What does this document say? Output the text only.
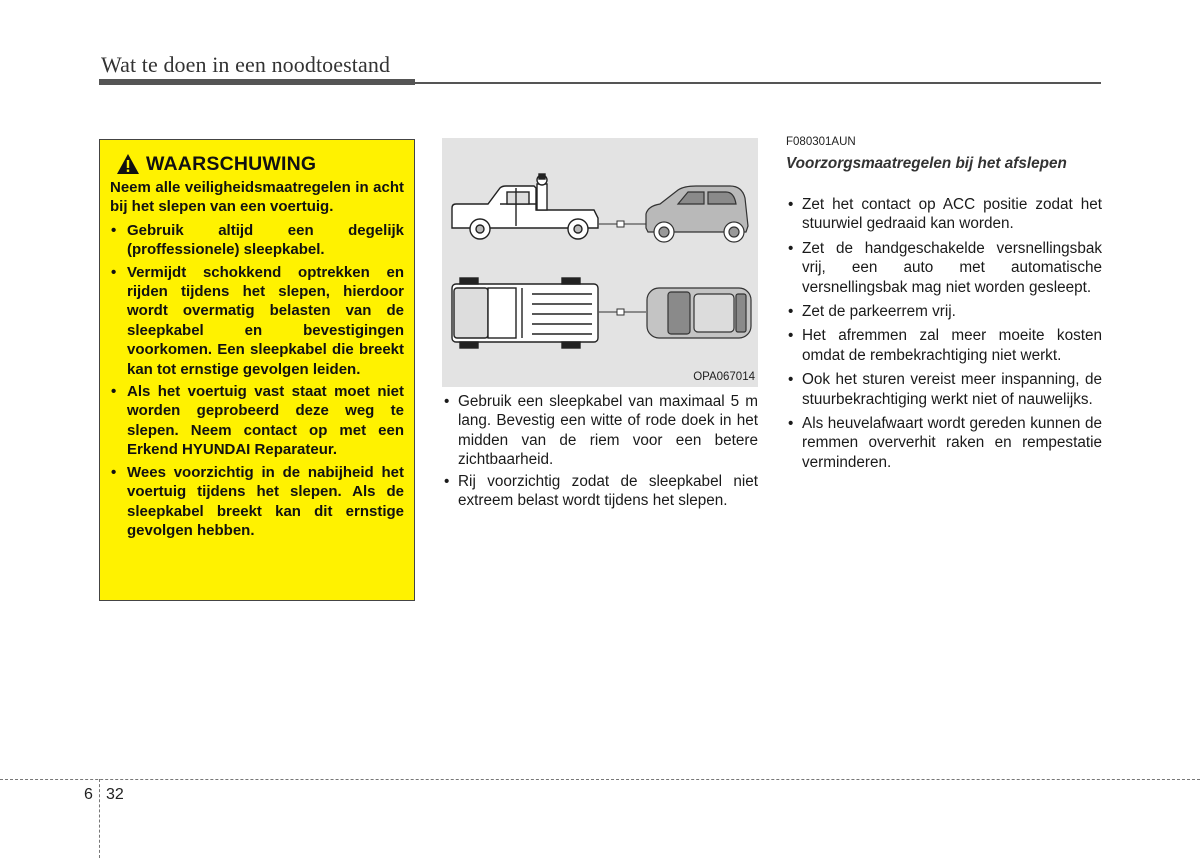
Wat te doen in een noodtoestand
WAARSCHUWING

Neem alle veiligheidsmaatregelen in acht bij het slepen van een voertuig.

• Gebruik altijd een degelijk (proffessionele) sleepkabel.
• Vermijdt schokkend optrekken en rijden tijdens het slepen, hierdoor wordt overmatig belasten van de sleepkabel en bevestigingen voorkomen. Een sleepkabel die breekt kan tot ernstige gevolgen leiden.
• Als het voertuig vast staat moet niet worden geprobeerd deze weg te slepen. Neem contact op met een Erkend HYUNDAI Reparateur.
• Wees voorzichtig in de nabijheid het voertuig tijdens het slepen. Als de sleepkabel breekt kan dit ernstige gevolgen hebben.
OPA067014
• Gebruik een sleepkabel van maximaal 5 m lang. Bevestig een witte of rode doek in het midden van de riem voor een betere zichtbaarheid.
• Rij voorzichtig zodat de sleepkabel niet extreem belast wordt tijdens het slepen.
F080301AUN
Voorzorgsmaatregelen bij het afslepen
• Zet het contact op ACC positie zodat het stuurwiel gedraaid kan worden.
• Zet de handgeschakelde versnellingsbak vrij, een auto met automatische versnellingsbak mag niet worden gesleept.
• Zet de parkeerrem vrij.
• Het afremmen zal meer moeite kosten omdat de rembekrachtiging niet werkt.
• Ook het sturen vereist meer inspanning, de stuurbekrachtiging werkt niet of nauwelijks.
• Als heuvelafwaart wordt gereden kunnen de remmen oververhit raken en rempestatie verminderen.
6 32
